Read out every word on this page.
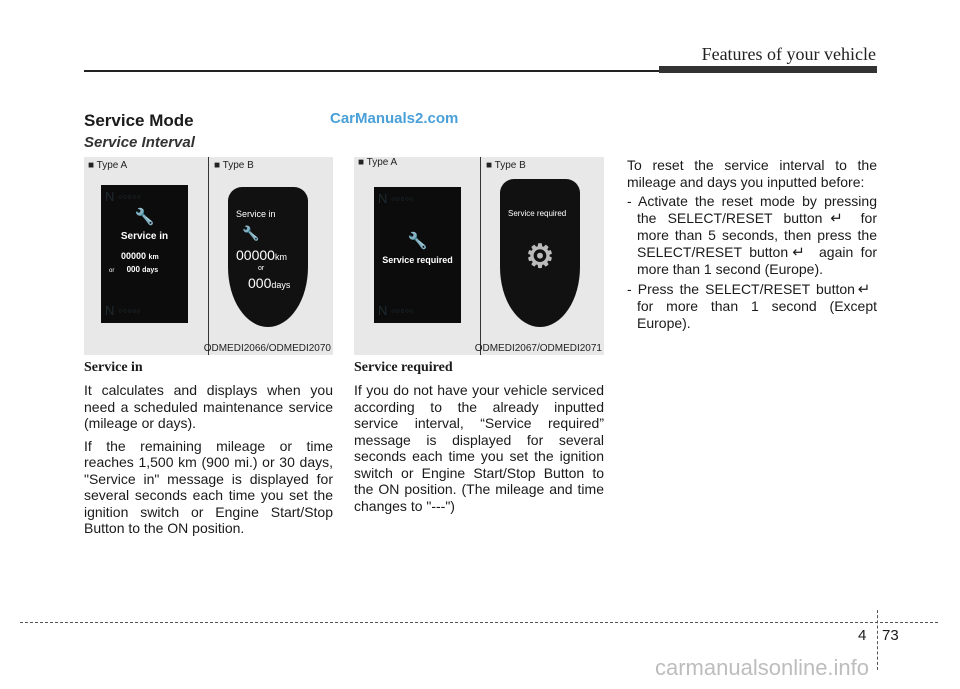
Features of your vehicle
Service Mode
Service Interval
CarManuals2.com
■ Type A	■ Type B
N ◦◦◦◦◦
🔧
Service in
00000 km
or 000 days
N ◦◦◦◦◦
Service in
🔧
00000km
or
000days
ODMEDI2066/ODMEDI2070
■ Type A	■ Type B
N ◦◦◦◦◦
🔧
Service required
N ◦◦◦◦◦
Service required
⚙
ODMEDI2067/ODMEDI2071
Service in
It calculates and displays when you need a scheduled maintenance service (mileage or days).
If the remaining mileage or time reaches 1,500 km (900 mi.) or 30 days, "Service in" message is displayed for several seconds each time you set the ignition switch or Engine Start/Stop Button to the ON position.
Service required
If you do not have your vehicle serviced according to the already inputted service interval, “Service required” message is displayed for several seconds each time you set the ignition switch or Engine Start/Stop Button to the ON position. (The mileage and time changes to "---")
To reset the service interval to the mileage and days you inputted before:
- Activate the reset mode by pressing the SELECT/RESET button ↵ for more than 5 seconds, then press the SELECT/RESET button ↵ again for more than 1 second (Europe).
- Press the SELECT/RESET button ↵ for more than 1 second (Except Europe).
4 73
carmanualsonline.info
